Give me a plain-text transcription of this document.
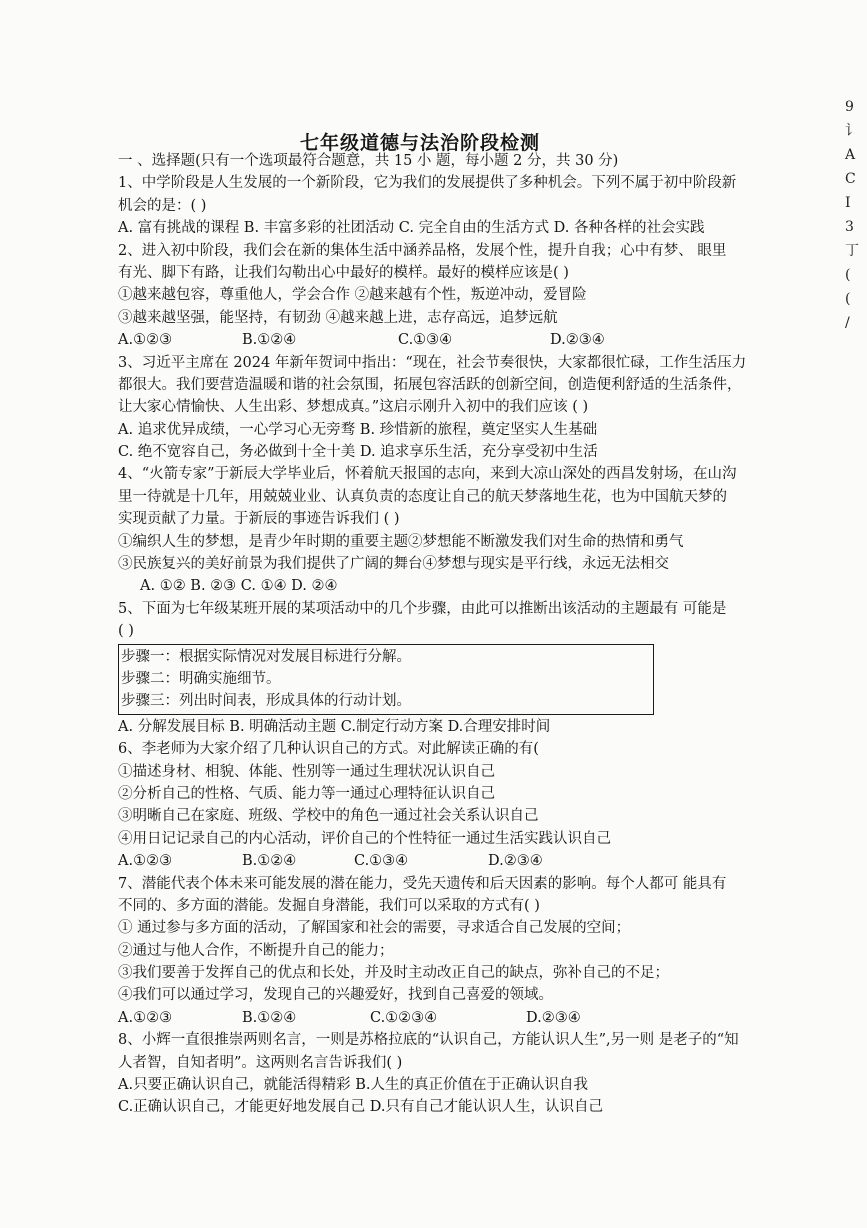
七年级道德与法治阶段检测
一 、选择题(只有一个选项最符合题意，共 15 小 题，每小题 2 分，共 30 分)
1、中学阶段是人生发展的一个新阶段，它为我们的发展提供了多种机会。下列不属于初中阶段新
机会的是：( )
A. 富有挑战的课程 B. 丰富多彩的社团活动 C. 完全自由的生活方式 D. 各种各样的社会实践
2、进入初中阶段，我们会在新的集体生活中涵养品格，发展个性，提升自我；心中有梦、 眼里
有光、脚下有路，让我们勾勒出心中最好的模样。最好的模样应该是( )
①越来越包容，尊重他人，学会合作 ②越来越有个性，叛逆冲动，爱冒险
③越来越坚强，能坚持，有韧劲 ④越来越上进，志存高远，追梦远航
A.①②③	B.①②④	C.①③④	D.②③④
3、习近平主席在 2024 年新年贺词中指出：“现在，社会节奏很快，大家都很忙碌，工作生活压力
都很大。我们要营造温暖和谐的社会氛围，拓展包容活跃的创新空间，创造便利舒适的生活条件，
让大家心情愉快、人生出彩、梦想成真。”这启示刚升入初中的我们应该 ( )
A. 追求优异成绩，一心学习心无旁骛 B. 珍惜新的旅程，奠定坚实人生基础
C. 绝不宽容自己，务必做到十全十美 D. 追求享乐生活，充分享受初中生活
4、“火箭专家”于新辰大学毕业后，怀着航天报国的志向，来到大凉山深处的西昌发射场，在山沟
里一待就是十几年，用兢兢业业、认真负责的态度让自己的航天梦落地生花，也为中国航天梦的
实现贡献了力量。于新辰的事迹告诉我们 ( )
①编织人生的梦想，是青少年时期的重要主题②梦想能不断激发我们对生命的热情和勇气
③民族复兴的美好前景为我们提供了广阔的舞台④梦想与现实是平行线，永远无法相交
A. ①② B. ②③ C. ①④ D. ②④
5、下面为七年级某班开展的某项活动中的几个步骤，由此可以推断出该活动的主题最有 可能是
( )
步骤一：根据实际情况对发展目标进行分解。
步骤二：明确实施细节。
步骤三：列出时间表，形成具体的行动计划。
A. 分解发展目标 B. 明确活动主题 C.制定行动方案 D.合理安排时间
6、李老师为大家介绍了几种认识自己的方式。对此解读正确的有(
①描述身材、相貌、体能、性别等一通过生理状况认识自己
②分析自己的性格、气质、能力等一通过心理特征认识自己
③明晰自己在家庭、班级、学校中的角色一通过社会关系认识自己
④用日记记录自己的内心活动，评价自己的个性特征一通过生活实践认识自己
A.①②③	B.①②④	C.①③④	D.②③④
7、潜能代表个体未来可能发展的潜在能力，受先天遗传和后天因素的影响。每个人都可 能具有
不同的、多方面的潜能。发掘自身潜能，我们可以采取的方式有( )
① 通过参与多方面的活动，了解国家和社会的需要，寻求适合自己发展的空间；
②通过与他人合作，不断提升自己的能力；
③我们要善于发挥自己的优点和长处，并及时主动改正自己的缺点，弥补自己的不足；
④我们可以通过学习，发现自己的兴趣爱好，找到自己喜爱的领域。
A.①②③	B.①②④	C.①②③④	D.②③④
8、小辉一直很推崇两则名言，一则是苏格拉底的“认识自己，方能认识人生”,另一则 是老子的“知
人者智，自知者明”。这两则名言告诉我们( )
A.只要正确认识自己，就能活得精彩 B.人生的真正价值在于正确认识自我
C.正确认识自己，才能更好地发展自己 D.只有自己才能认识人生，认识自己
9
讠
A
C
I
3
丁
(
(
/
